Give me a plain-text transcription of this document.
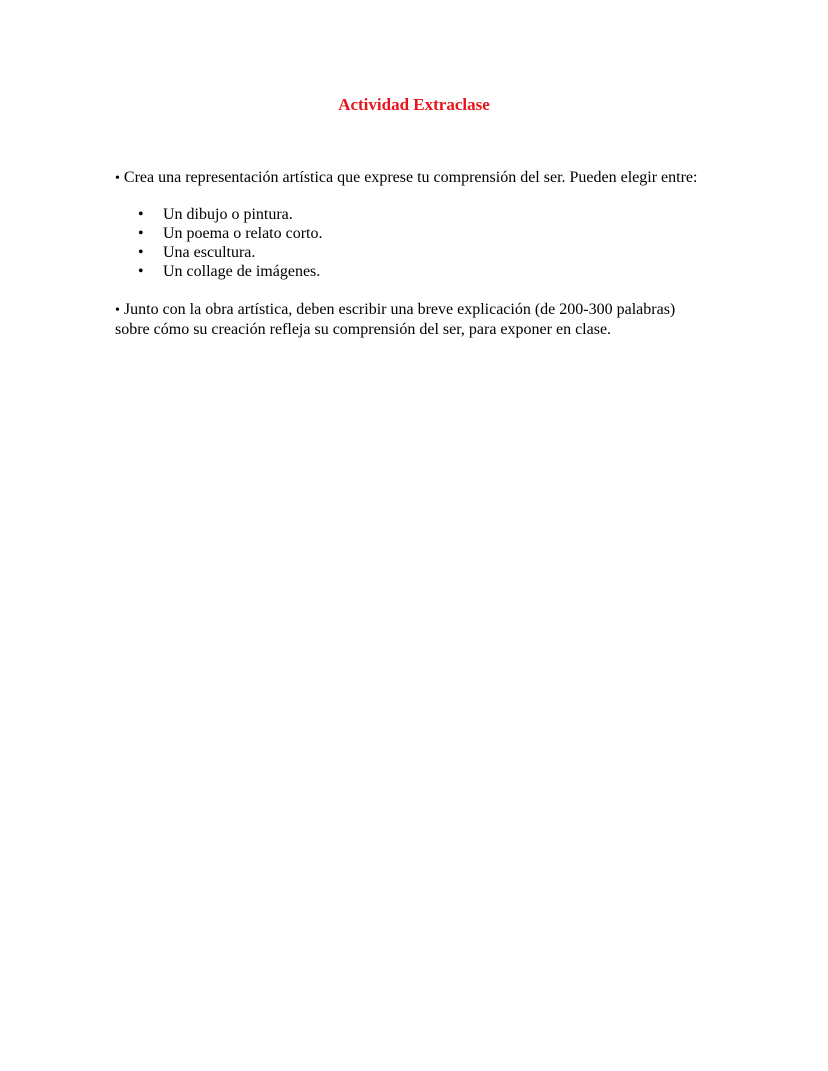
Actividad Extraclase
• Crea una representación artística que exprese tu comprensión del ser. Pueden elegir entre:
• Un dibujo o pintura.
• Un poema o relato corto.
• Una escultura.
• Un collage de imágenes.
• Junto con la obra artística, deben escribir una breve explicación (de 200-300 palabras)
sobre cómo su creación refleja su comprensión del ser, para exponer en clase.
